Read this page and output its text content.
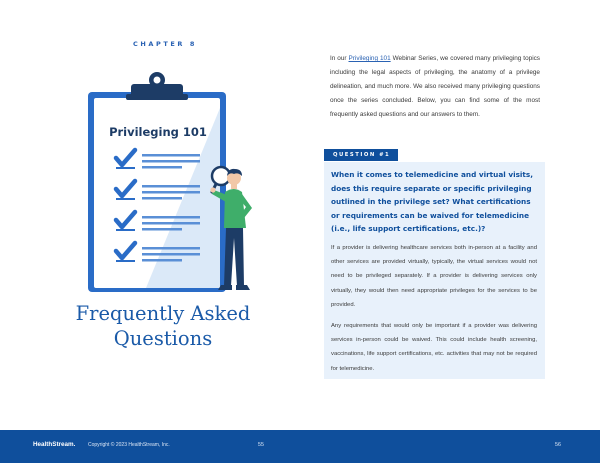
CHAPTER 8
Privileging 101
Frequently Asked
Questions

In our Privileging 101 Webinar Series, we covered many privileging topics including the legal aspects of privileging, the anatomy of a privilege delineation, and much more. We also received many privileging questions once the series concluded. Below, you can find some of the most frequently asked questions and our answers to them.

QUESTION #1

When it comes to telemedicine and virtual visits, does this require separate or specific privileging outlined in the privilege set? What certifications or requirements can be waived for telemedicine (i.e., life support certifications, etc.)?

If a provider is delivering healthcare services both in-person at a facility and other services are provided virtually, typically, the virtual services would not need to be privileged separately. If a provider is delivering services only virtually, they would then need appropriate privileges for the services to be provided.

Any requirements that would only be important if a provider was delivering services in-person could be waived. This could include health screening, vaccinations, life support certifications, etc. activities that may not be required for telemedicine.

HealthStream.	Copyright © 2023 HealthStream, Inc.	55	56
